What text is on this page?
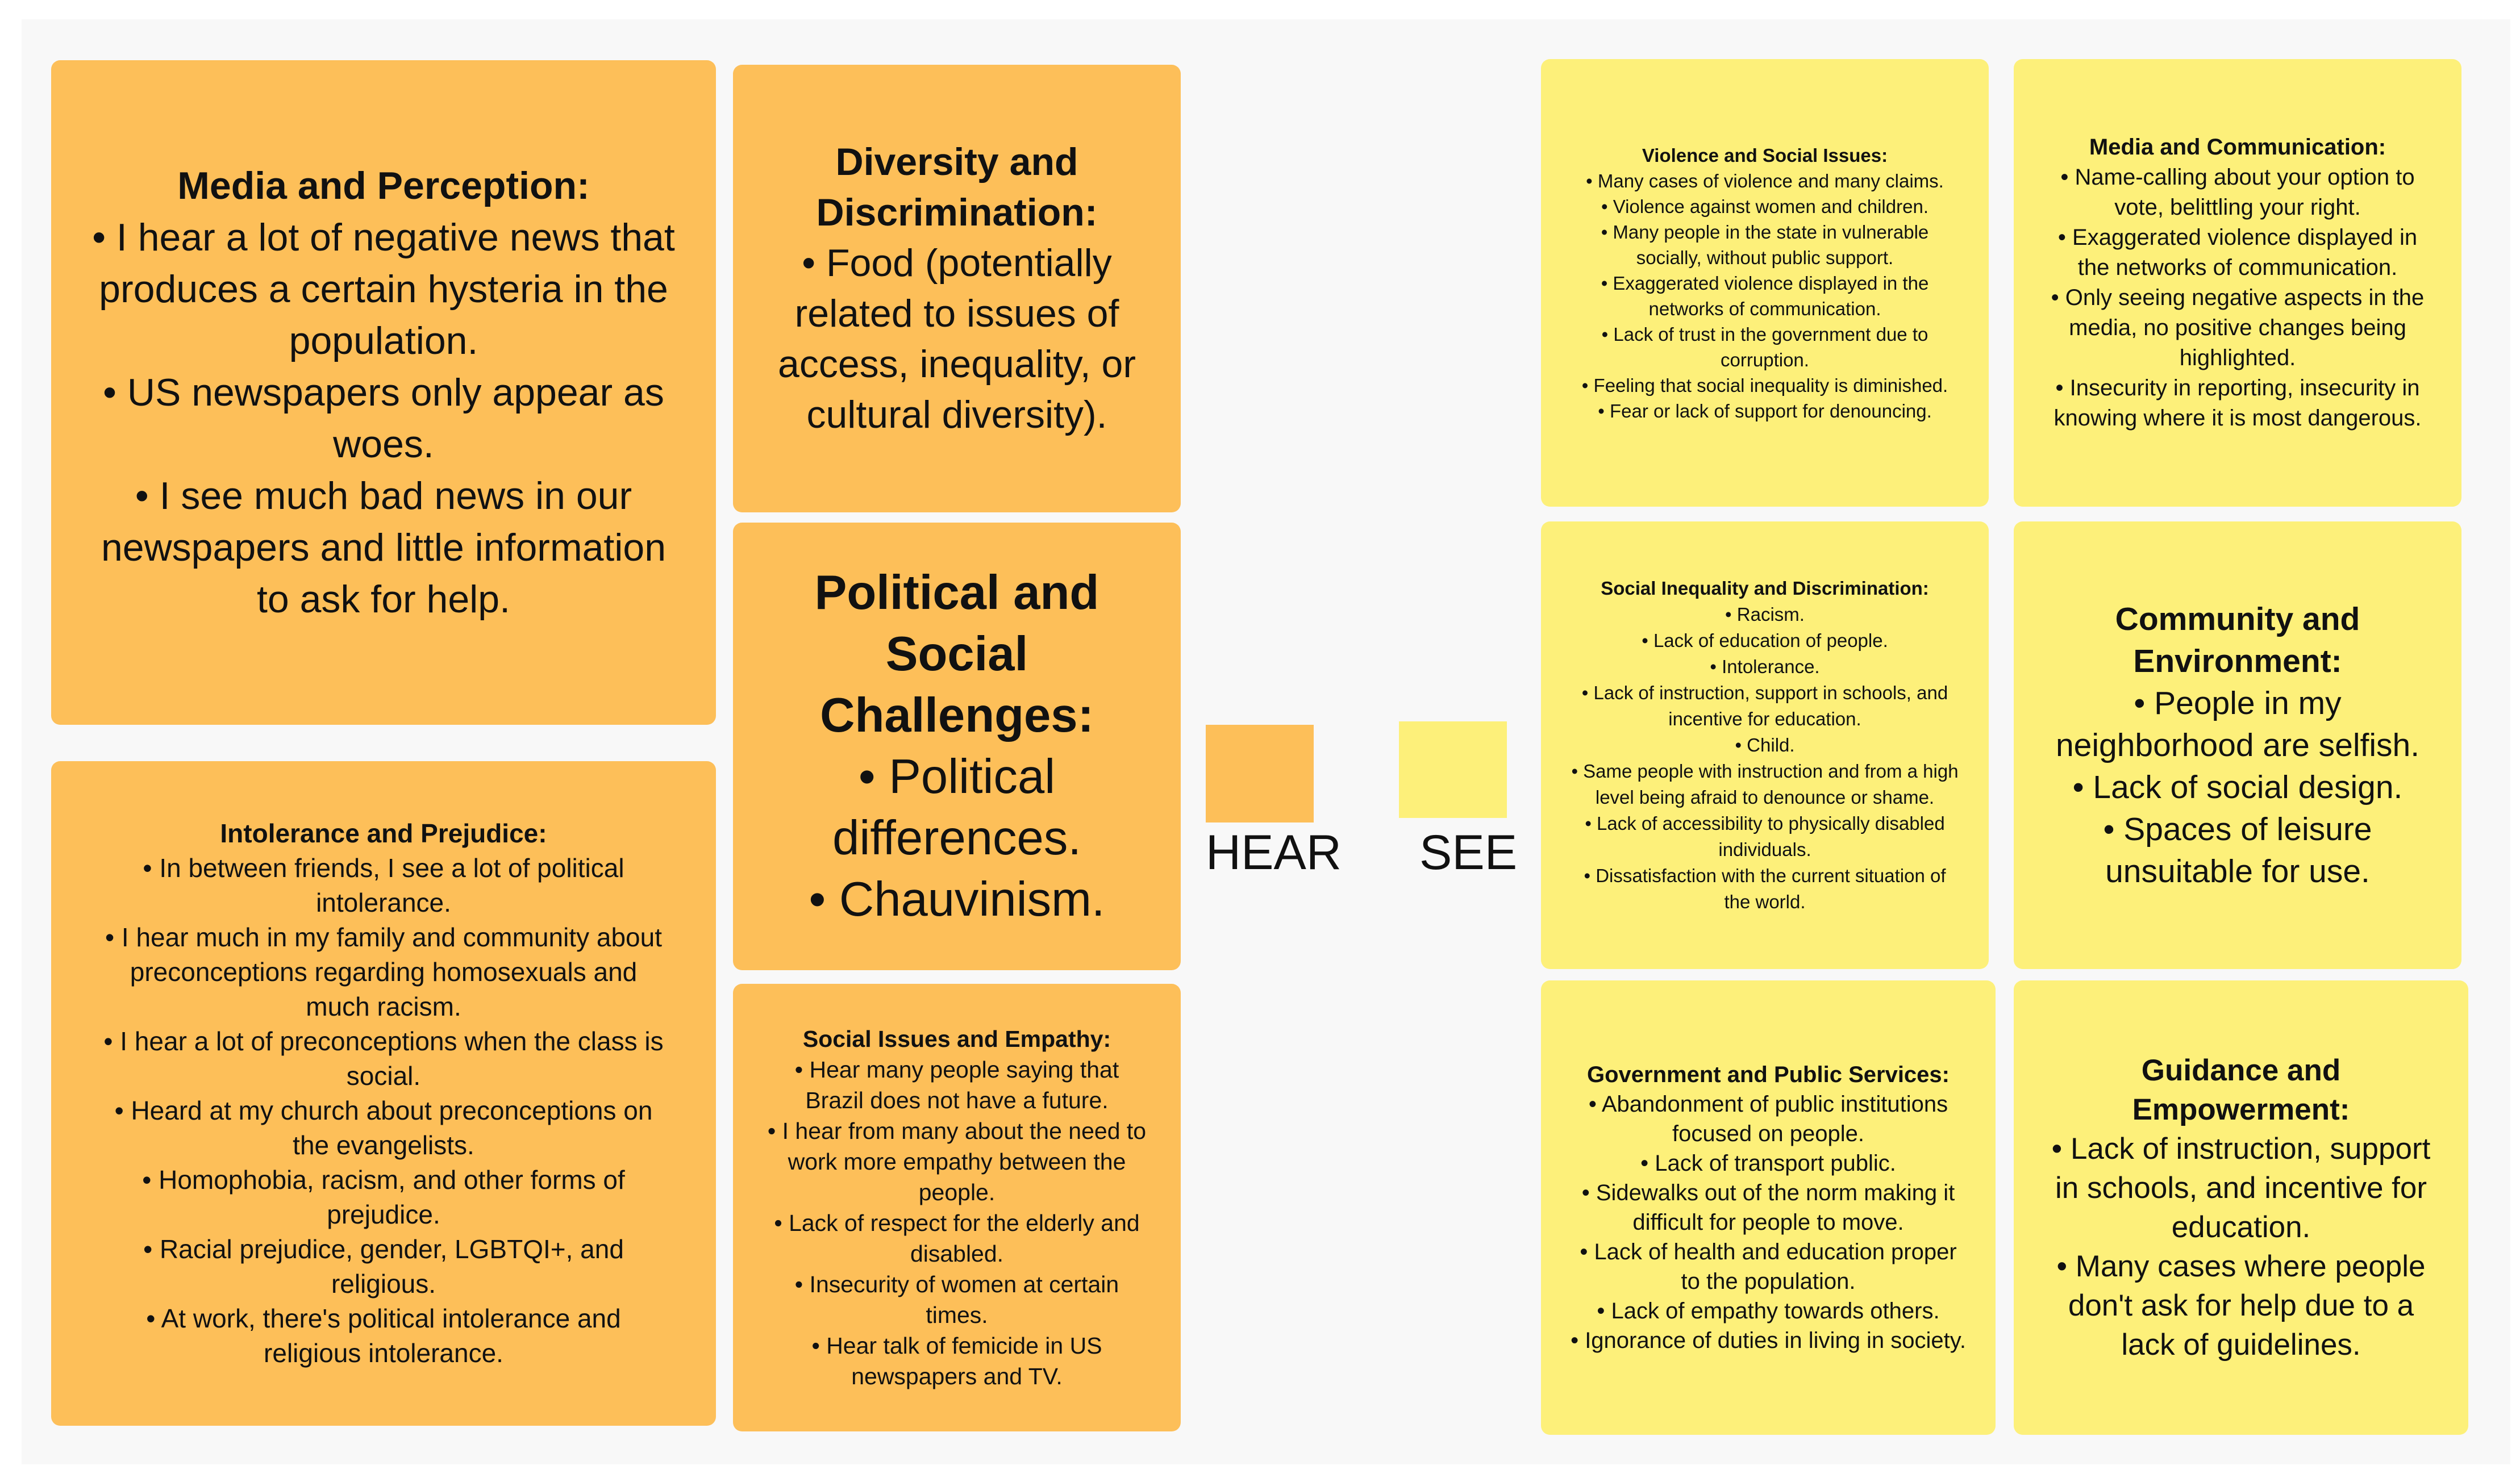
Media and Perception:
• I hear a lot of negative news that produces a certain hysteria in the population.
• US newspapers only appear as woes.
• I see much bad news in our newspapers and little information to ask for help.
Diversity and Discrimination:
• Food (potentially related to issues of access, inequality, or cultural diversity).
Political and Social Challenges:
• Political differences.
• Chauvinism.
Intolerance and Prejudice:
• In between friends, I see a lot of political intolerance.
• I hear much in my family and community about preconceptions regarding homosexuals and much racism.
• I hear a lot of preconceptions when the class is social.
• Heard at my church about preconceptions on the evangelists.
• Homophobia, racism, and other forms of prejudice.
• Racial prejudice, gender, LGBTQI+, and religious.
• At work, there's political intolerance and religious intolerance.
Social Issues and Empathy:
• Hear many people saying that Brazil does not have a future.
• I hear from many about the need to work more empathy between the people.
• Lack of respect for the elderly and disabled.
• Insecurity of women at certain times.
• Hear talk of femicide in US newspapers and TV.
HEAR SEE
Violence and Social Issues:
• Many cases of violence and many claims.
• Violence against women and children.
• Many people in the state in vulnerable socially, without public support.
• Exaggerated violence displayed in the networks of communication.
• Lack of trust in the government due to corruption.
• Feeling that social inequality is diminished.
• Fear or lack of support for denouncing.
Media and Communication:
• Name-calling about your option to vote, belittling your right.
• Exaggerated violence displayed in the networks of communication.
• Only seeing negative aspects in the media, no positive changes being highlighted.
• Insecurity in reporting, insecurity in knowing where it is most dangerous.
Social Inequality and Discrimination:
• Racism.
• Lack of education of people.
• Intolerance.
• Lack of instruction, support in schools, and incentive for education.
• Child.
• Same people with instruction and from a high level being afraid to denounce or shame.
• Lack of accessibility to physically disabled individuals.
• Dissatisfaction with the current situation of the world.
Community and Environment:
• People in my neighborhood are selfish.
• Lack of social design.
• Spaces of leisure unsuitable for use.
Government and Public Services:
• Abandonment of public institutions focused on people.
• Lack of transport public.
• Sidewalks out of the norm making it difficult for people to move.
• Lack of health and education proper to the population.
• Lack of empathy towards others.
• Ignorance of duties in living in society.
Guidance and Empowerment:
• Lack of instruction, support in schools, and incentive for education.
• Many cases where people don't ask for help due to a lack of guidelines.
